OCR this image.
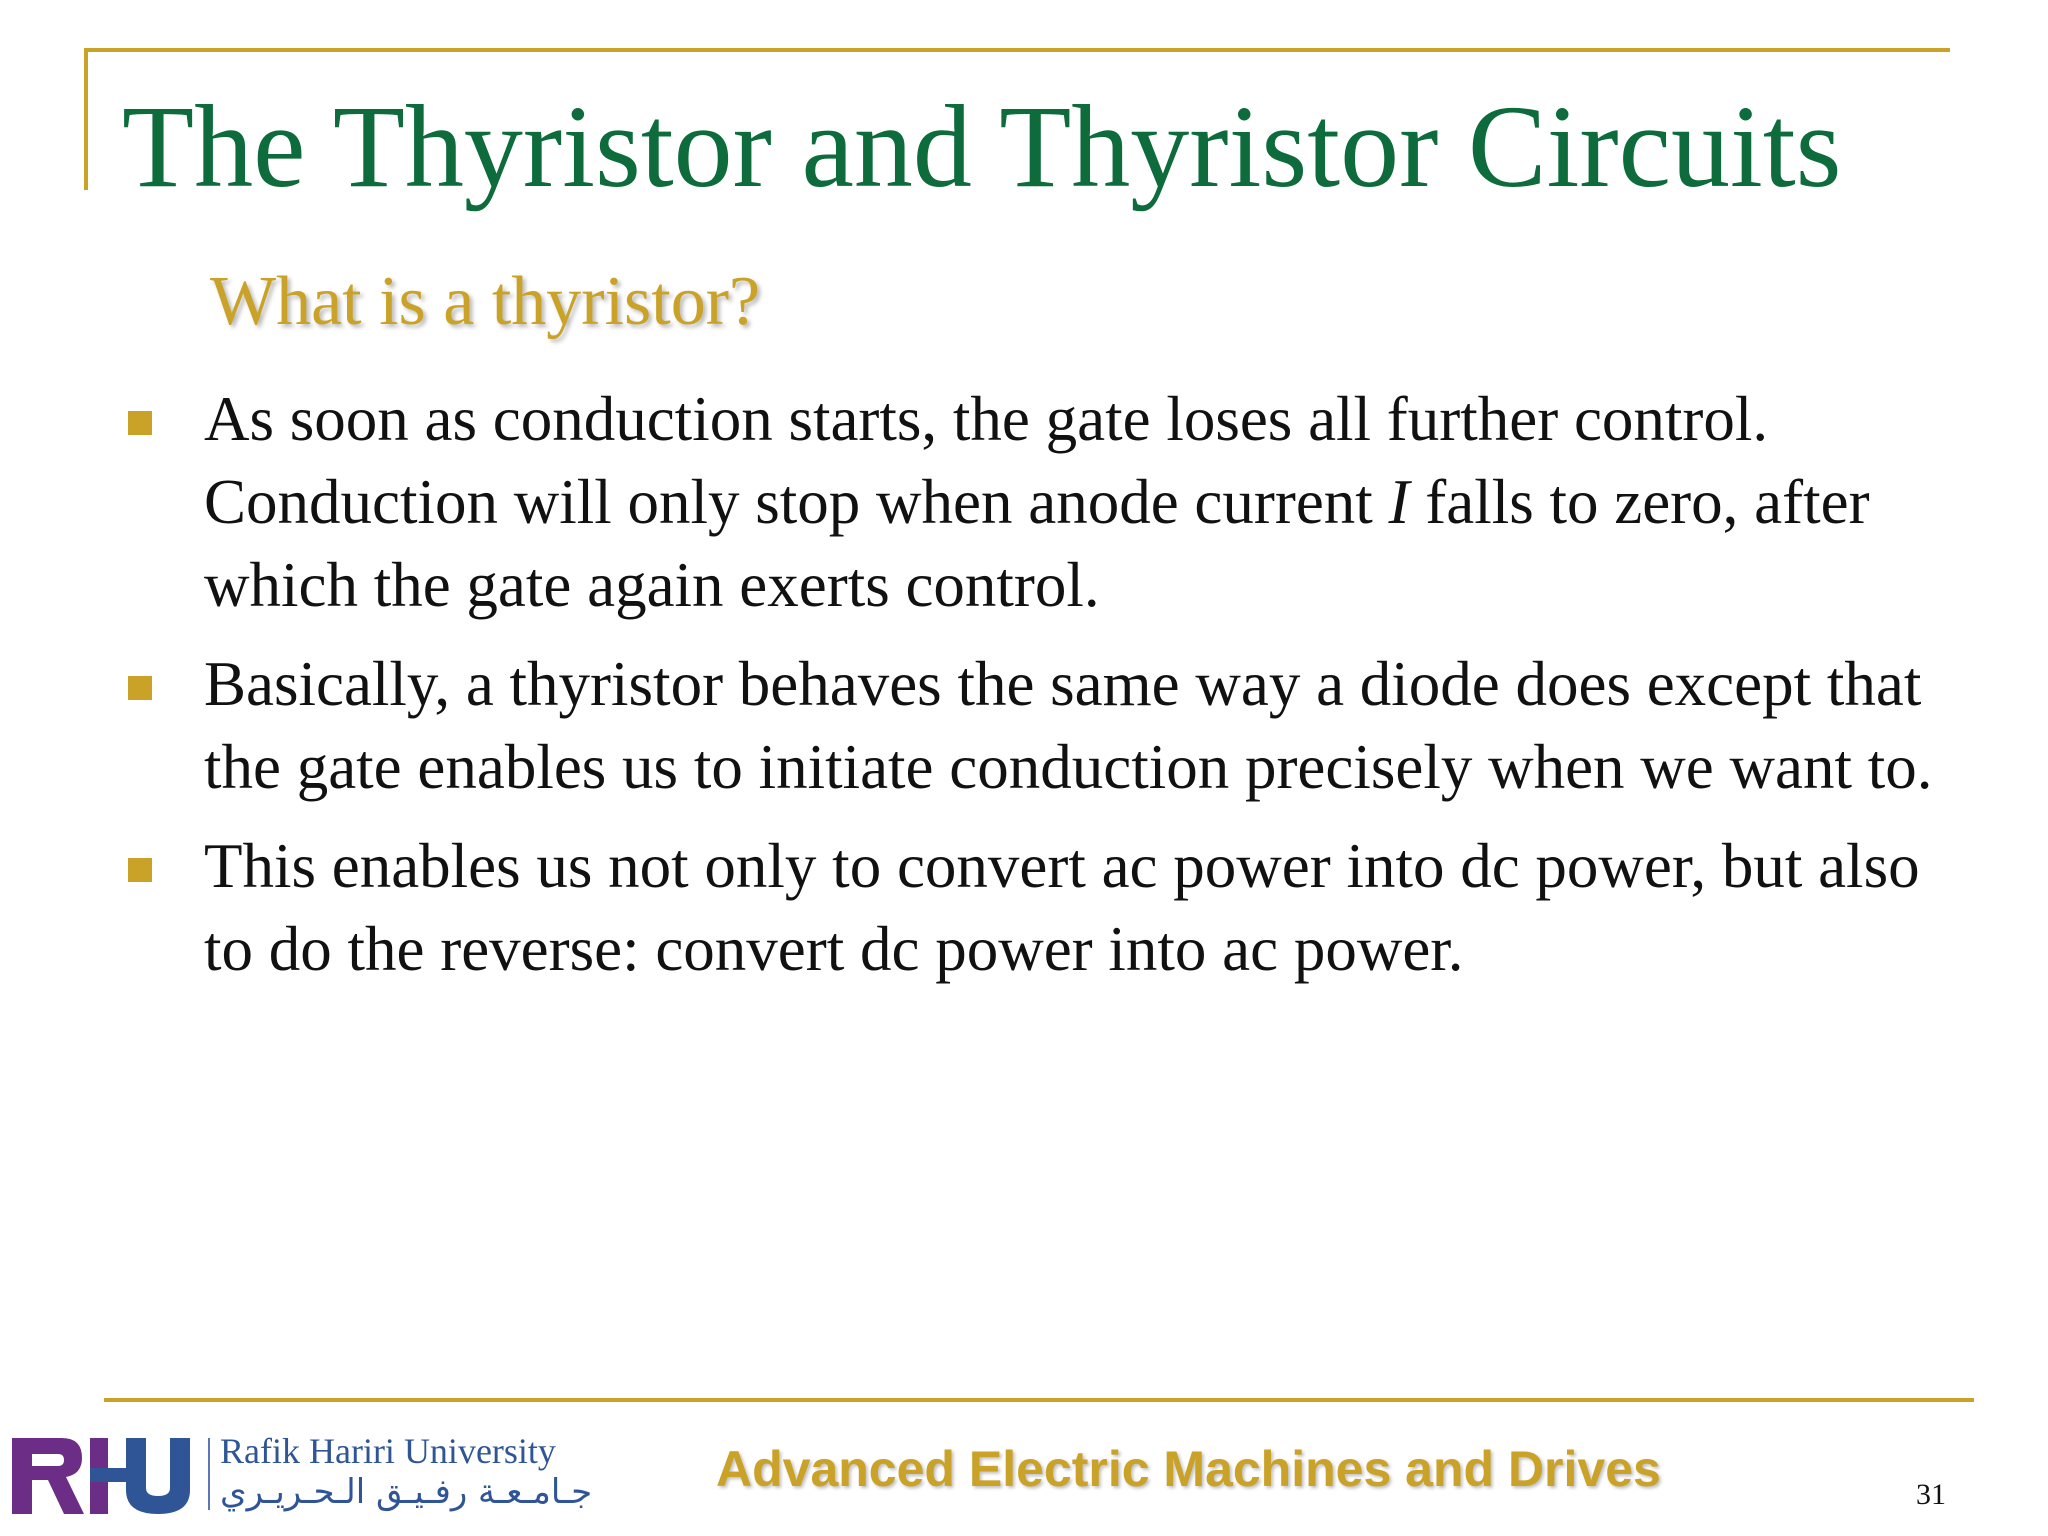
The Thyristor and Thyristor Circuits
What is a thyristor?
As soon as conduction starts, the gate loses all further control. Conduction will only stop when anode current I falls to zero, after which the gate again exerts control.
Basically, a thyristor behaves the same way a diode does except that the gate enables us to initiate conduction precisely when we want to.
This enables us not only to convert ac power into dc power, but also to do the reverse: convert dc power into ac power.
Rafik Hariri University
جـامـعـة رفـيـق الـحـريـري Advanced Electric Machines and Drives	31
